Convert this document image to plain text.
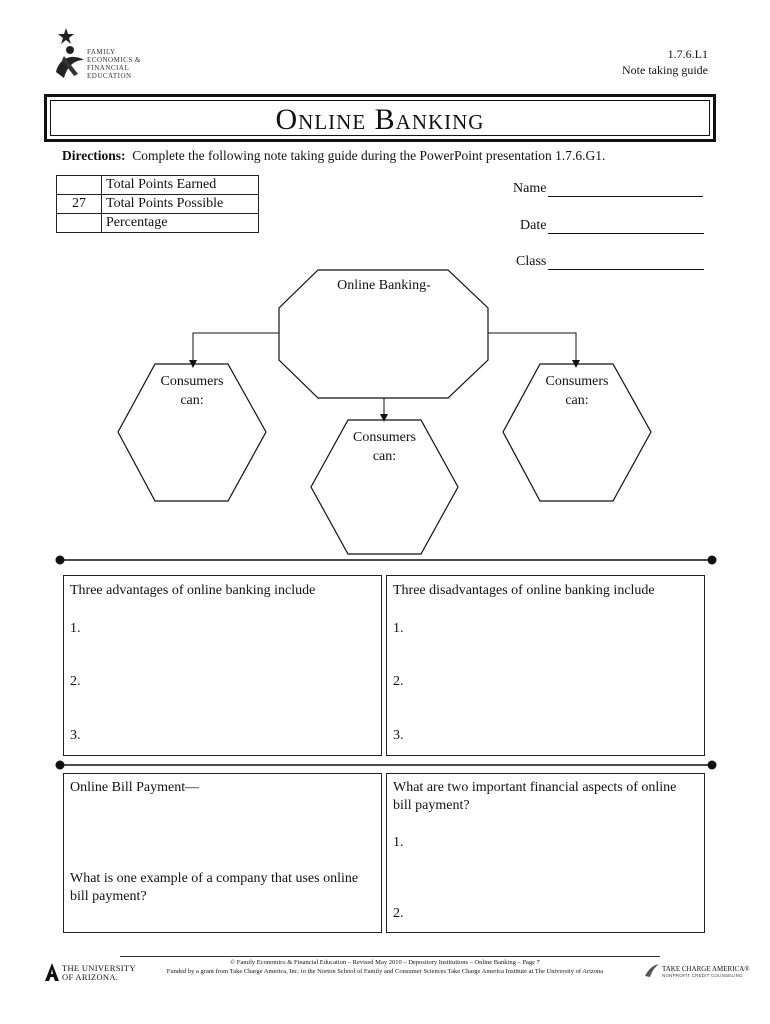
FAMILY
ECONOMICS &
FINANCIAL
EDUCATION
1.7.6.L1
Note taking guide
Online Banking
Directions: Complete the following note taking guide during the PowerPoint presentation 1.7.6.G1.
	Total Points Earned
27	Total Points Possible
	Percentage
Name
Date
Class
Online Banking-
Consumers can:
Consumers can:
Consumers can:
Three advantages of online banking include
1.
2.
3.
Three disadvantages of online banking include
1.
2.
3.
Online Bill Payment—
What is one example of a company that uses online bill payment?
What are two important financial aspects of online bill payment?
1.
2.
© Family Economics & Financial Education – Revised May 2010 – Depository Institutions – Online Banking – Page 7
Funded by a grant from Take Charge America, Inc. to the Norton School of Family and Consumer Sciences Take Charge America Institute at The University of Arizona
THE UNIVERSITY
OF ARIZONA.
TAKE CHARGE AMERICA®
NONPROFIT CREDIT COUNSELING
